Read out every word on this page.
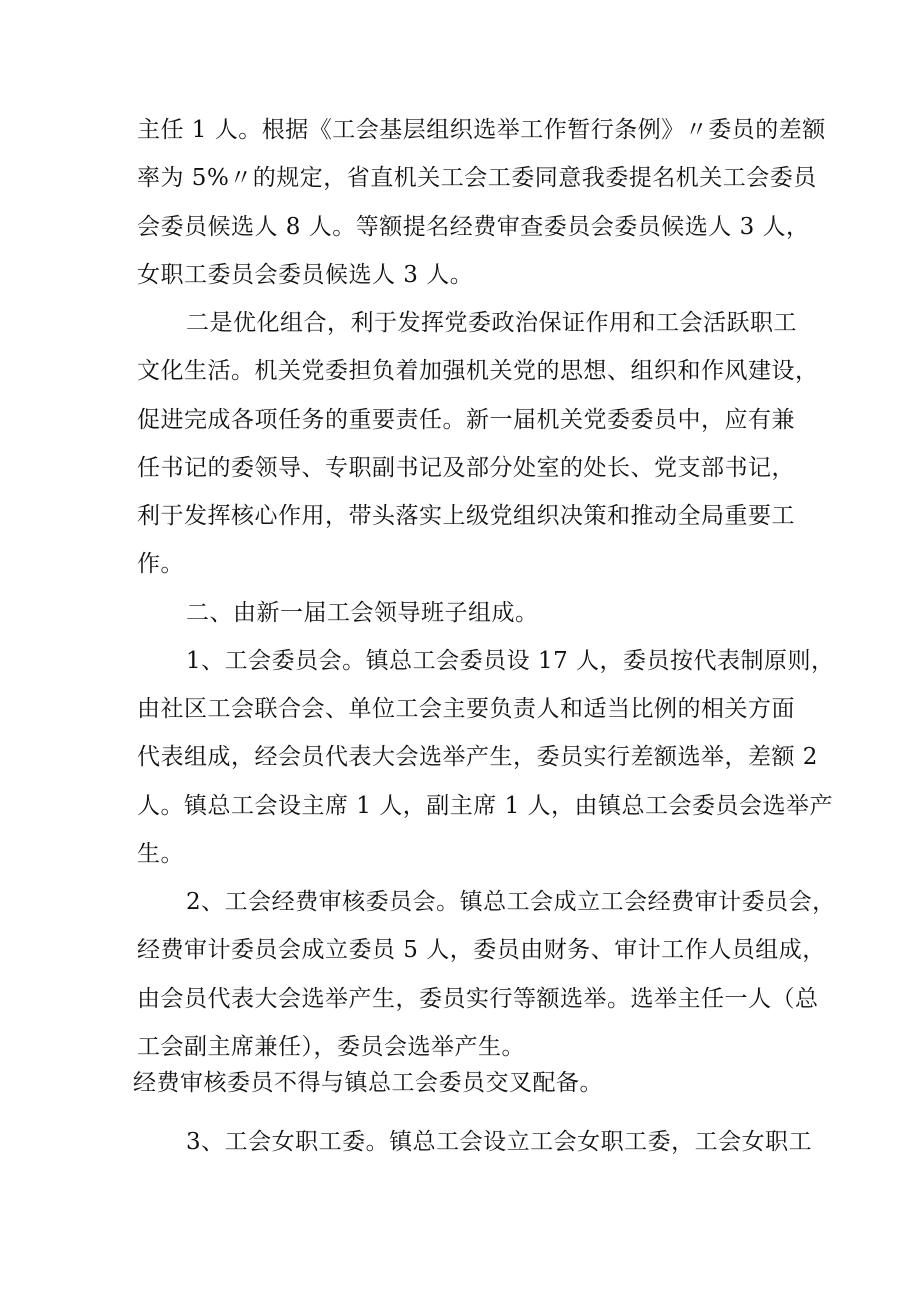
主任 1 人。根据《工会基层组织选举工作暂行条例》〃委员的差额
率为 5%〃的规定，省直机关工会工委同意我委提名机关工会委员
会委员候选人 8 人。等额提名经费审查委员会委员候选人 3 人，
女职工委员会委员候选人 3 人。
二是优化组合，利于发挥党委政治保证作用和工会活跃职工
文化生活。机关党委担负着加强机关党的思想、组织和作风建设，
促进完成各项任务的重要责任。新一届机关党委委员中，应有兼
任书记的委领导、专职副书记及部分处室的处长、党支部书记，
利于发挥核心作用，带头落实上级党组织决策和推动全局重要工
作。
二、由新一届工会领导班子组成。
1、工会委员会。镇总工会委员设 17 人，委员按代表制原则，
由社区工会联合会、单位工会主要负责人和适当比例的相关方面
代表组成，经会员代表大会选举产生，委员实行差额选举，差额 2
人。镇总工会设主席 1 人，副主席 1 人，由镇总工会委员会选举产
生。
2、工会经费审核委员会。镇总工会成立工会经费审计委员会，
经费审计委员会成立委员 5 人，委员由财务、审计工作人员组成，
由会员代表大会选举产生，委员实行等额选举。选举主任一人（总
工会副主席兼任），委员会选举产生。
经费审核委员不得与镇总工会委员交叉配备。
3、工会女职工委。镇总工会设立工会女职工委，工会女职工
